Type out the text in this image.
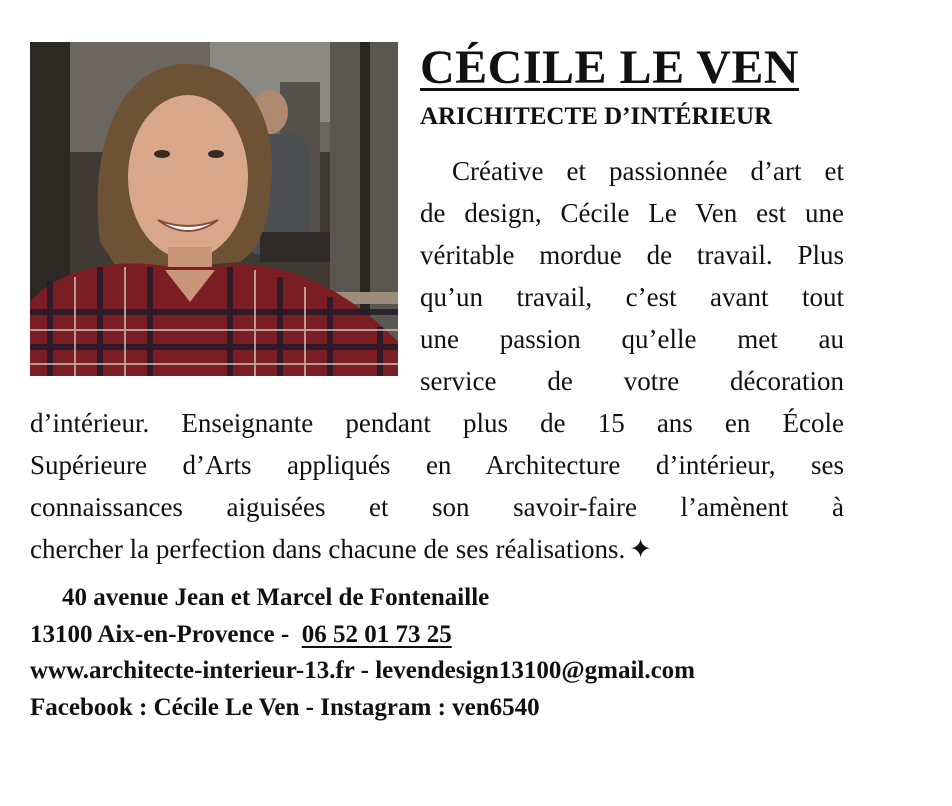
CÉCILE LE VEN
ARICHITECTE D’INTÉRIEUR

Créative et passionnée d’art et

de design, Cécile Le Ven est une

véritable mordue de travail. Plus

qu’un travail, c’est avant tout

une passion qu’elle met au

service de votre décoration

d’intérieur. Enseignante pendant plus de 15 ans en École

Supérieure d’Arts appliqués en Architecture d’intérieur, ses

connaissances aiguisées et son savoir-faire l’amènent à

chercher la perfection dans chacune de ses réalisations. ✦

40 avenue Jean et Marcel de Fontenaille

13100 Aix-en-Provence - 06 52 01 73 25

www.architecte-interieur-13.fr - levendesign13100@gmail.com

Facebook : Cécile Le Ven - Instagram : ven6540
